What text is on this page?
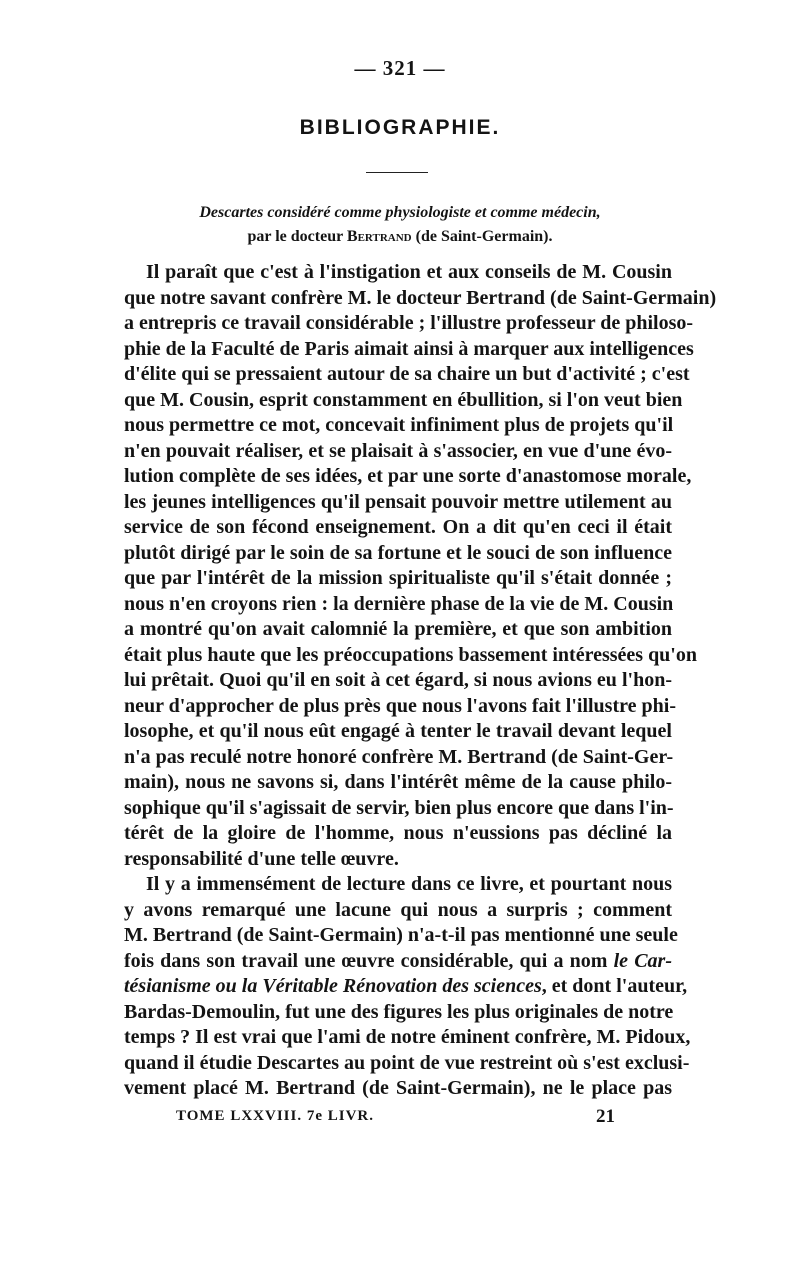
— 321 —
BIBLIOGRAPHIE.
Descartes considéré comme physiologiste et comme médecin,
par le docteur Bertrand (de Saint-Germain).
Il paraît que c'est à l'instigation et aux conseils de M. Cousin
que notre savant confrère M. le docteur Bertrand (de Saint-Germain)
a entrepris ce travail considérable ; l'illustre professeur de philoso-
phie de la Faculté de Paris aimait ainsi à marquer aux intelligences
d'élite qui se pressaient autour de sa chaire un but d'activité ; c'est
que M. Cousin, esprit constamment en ébullition, si l'on veut bien
nous permettre ce mot, concevait infiniment plus de projets qu'il
n'en pouvait réaliser, et se plaisait à s'associer, en vue d'une évo-
lution complète de ses idées, et par une sorte d'anastomose morale,
les jeunes intelligences qu'il pensait pouvoir mettre utilement au
service de son fécond enseignement. On a dit qu'en ceci il était
plutôt dirigé par le soin de sa fortune et le souci de son influence
que par l'intérêt de la mission spiritualiste qu'il s'était donnée ;
nous n'en croyons rien : la dernière phase de la vie de M. Cousin
a montré qu'on avait calomnié la première, et que son ambition
était plus haute que les préoccupations bassement intéressées qu'on
lui prêtait. Quoi qu'il en soit à cet égard, si nous avions eu l'hon-
neur d'approcher de plus près que nous l'avons fait l'illustre phi-
losophe, et qu'il nous eût engagé à tenter le travail devant lequel
n'a pas reculé notre honoré confrère M. Bertrand (de Saint-Ger-
main), nous ne savons si, dans l'intérêt même de la cause philo-
sophique qu'il s'agissait de servir, bien plus encore que dans l'in-
térêt de la gloire de l'homme, nous n'eussions pas décliné la
responsabilité d'une telle œuvre.
Il y a immensément de lecture dans ce livre, et pourtant nous
y avons remarqué une lacune qui nous a surpris ; comment
M. Bertrand (de Saint-Germain) n'a-t-il pas mentionné une seule
fois dans son travail une œuvre considérable, qui a nom le Car-
tésianisme ou la Véritable Rénovation des sciences, et dont l'auteur,
Bardas-Demoulin, fut une des figures les plus originales de notre
temps ? Il est vrai que l'ami de notre éminent confrère, M. Pidoux,
quand il étudie Descartes au point de vue restreint où s'est exclusi-
vement placé M. Bertrand (de Saint-Germain), ne le place pas
TOME LXXVIII. 7e LIVR.	21
